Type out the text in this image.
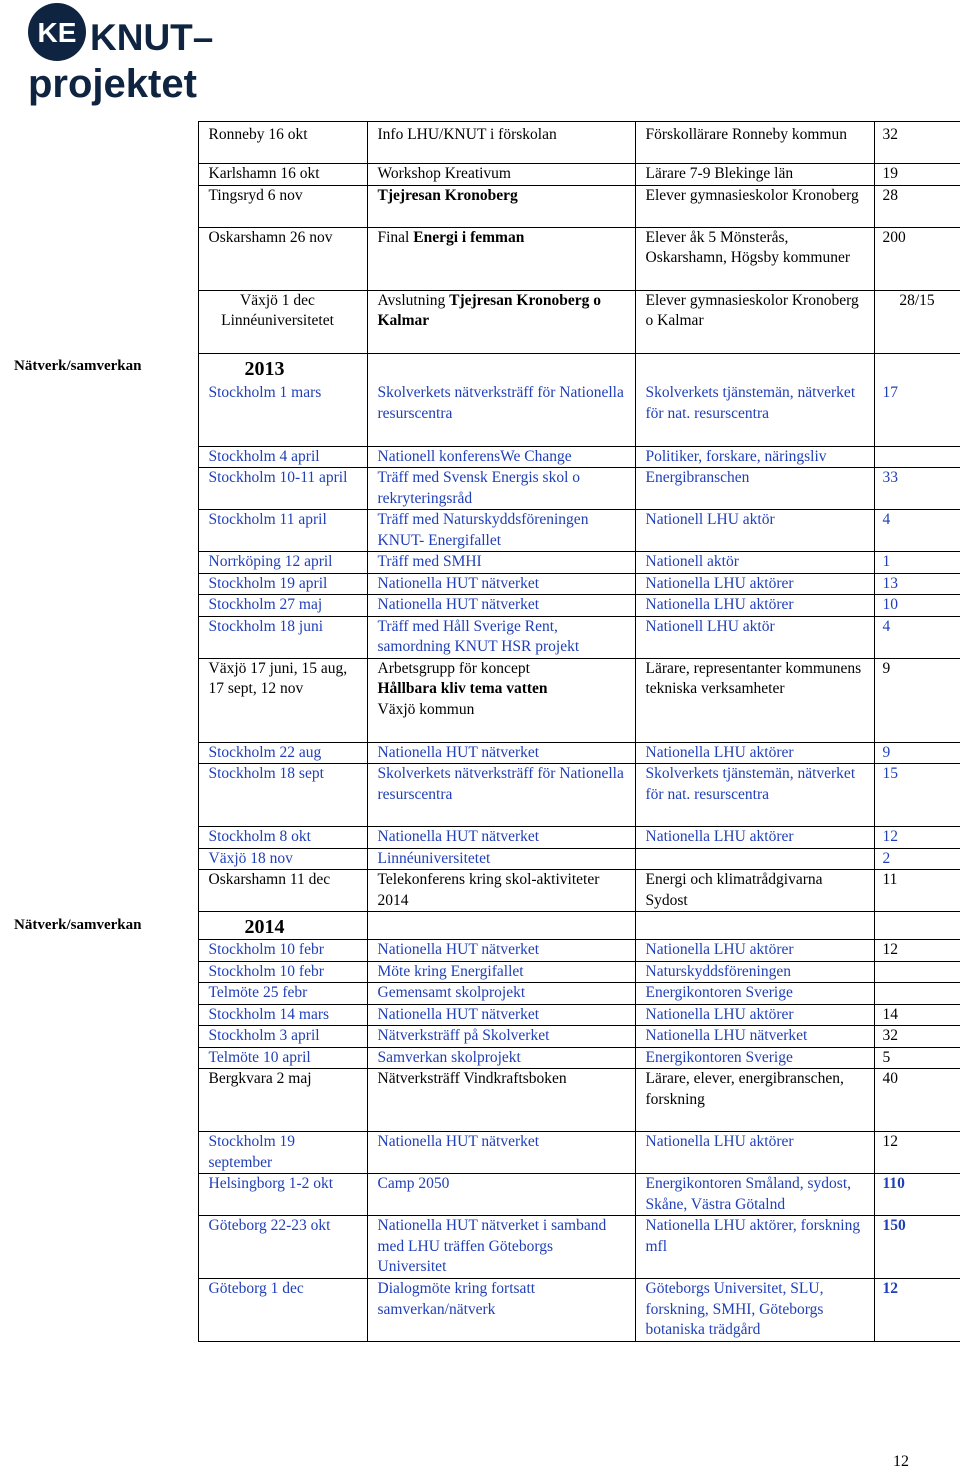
KE KNUT–
projektet
	Ronneby 16 okt	Info LHU/KNUT i förskolan	Förskollärare Ronneby kommun	32
	Karlshamn 16 okt	Workshop Kreativum	Lärare 7-9 Blekinge län	19
	Tingsryd 6 nov	Tjejresan Kronoberg	Elever gymnasieskolor Kronoberg	28
	Oskarshamn 26 nov	Final Energi i femman	Elever åk 5 Mönsterås, Oskarshamn, Högsby kommuner	200
	Växjö 1 dec Linnéuniversitetet	Avslutning Tjejresan Kronoberg o Kalmar	Elever gymnasieskolor Kronoberg o Kalmar	28/15
Nätverk/samverkan	2013			

	Stockholm 1 mars	Skolverkets nätverksträff för Nationella resurscentra	Skolverkets tjänstemän, nätverket för nat. resurscentra	17
	Stockholm 4 april	Nationell konferensWe Change	Politiker, forskare, näringsliv	
	Stockholm 10-11 april	Träff med Svensk Energis skol o rekryteringsråd	Energibranschen	33
	Stockholm 11 april	Träff med Naturskyddsföreningen KNUT- Energifallet	Nationell LHU aktör	4
	Norrköping 12 april	Träff med SMHI	Nationell aktör	1
	Stockholm 19 april	Nationella HUT nätverket	Nationella LHU aktörer	13
	Stockholm 27 maj	Nationella HUT nätverket	Nationella LHU aktörer	10
	Stockholm 18 juni	Träff med Håll Sverige Rent, samordning KNUT HSR projekt	Nationell LHU aktör	4
	Växjö 17 juni, 15 aug, 17 sept, 12 nov	Arbetsgrupp för koncept
Hållbara kliv tema vatten
Växjö kommun	Lärare, representanter kommunens tekniska verksamheter	9
	Stockholm 22 aug	Nationella HUT nätverket	Nationella LHU aktörer	9
	Stockholm 18 sept	Skolverkets nätverksträff för Nationella resurscentra	Skolverkets tjänstemän, nätverket för nat. resurscentra	15
	Stockholm 8 okt	Nationella HUT nätverket	Nationella LHU aktörer	12
	Växjö 18 nov	Linnéuniversitetet		2
	Oskarshamn 11 dec	Telekonferens kring skol-aktiviteter 2014	Energi och klimatrådgivarna Sydost	11
Nätverk/samverkan	2014			

	Stockholm 10 febr	Nationella HUT nätverket	Nationella LHU aktörer	12
	Stockholm 10 febr	Möte kring Energifallet	Naturskyddsföreningen	
	Telmöte 25 febr	Gemensamt skolprojekt	Energikontoren Sverige	
	Stockholm 14 mars	Nationella HUT nätverket	Nationella LHU aktörer	14
	Stockholm 3 april	Nätverksträff på Skolverket	Nationella LHU nätverket	32
	Telmöte 10 april	Samverkan skolprojekt	Energikontoren Sverige	5
	Bergkvara 2 maj	Nätverksträff Vindkraftsboken	Lärare, elever, energibranschen, forskning	40
	Stockholm 19 september	Nationella HUT nätverket	Nationella LHU aktörer	12
	Helsingborg 1-2 okt	Camp 2050	Energikontoren Småland, sydost, Skåne, Västra Götalnd	110
	Göteborg 22-23 okt	Nationella HUT nätverket i samband med LHU träffen Göteborgs Universitet	Nationella LHU aktörer, forskning mfl	150
	Göteborg 1 dec	Dialogmöte kring fortsatt samverkan/nätverk	Göteborgs Universitet, SLU, forskning, SMHI, Göteborgs botaniska trädgård	12
12
